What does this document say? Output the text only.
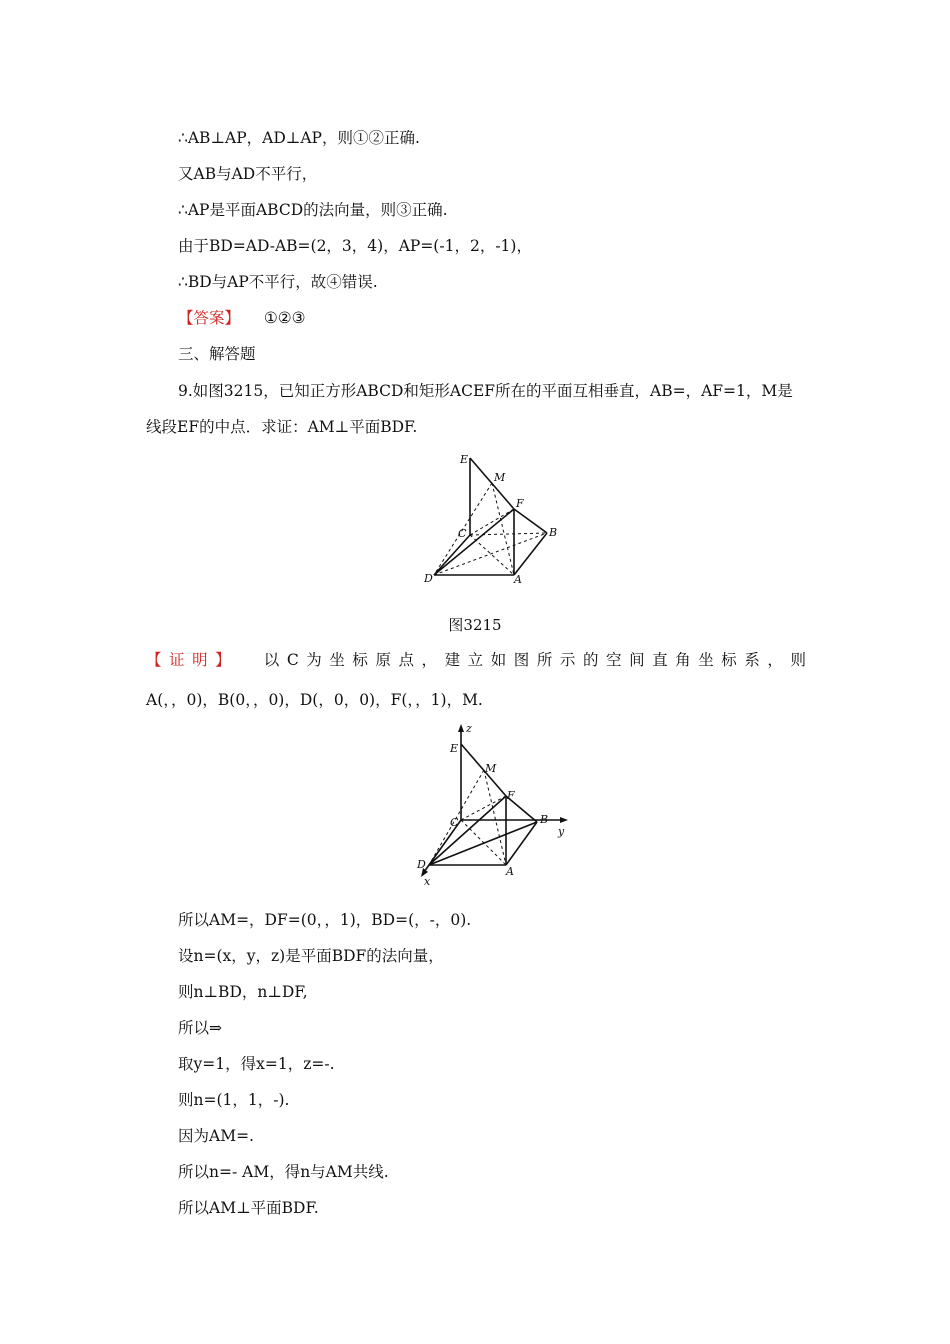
∴AB⊥AP，AD⊥AP，则①②正确.
又AB与AD不平行，
∴AP是平面ABCD的法向量，则③正确.
由于BD=AD-AB=(2，3，4)，AP=(-1，2，-1)，
∴BD与AP不平行，故④错误.
【答案】 ①②③
三、解答题
9.如图3215，已知正方形ABCD和矩形ACEF所在的平面互相垂直，AB=，AF=1，M是
线段EF的中点．求证：AM⊥平面BDF.
E
M
F
C	B
D	A
图3215
【证明】 以C为坐标原点，建立如图所示的空间直角坐标系，则
A(，，0)，B(0，，0)，D(，0，0)，F(，，1)，M.
z
E
M
F
C	B
y
D
A
x
所以AM=，DF=(0，，1)，BD=(，-，0).
设n=(x，y，z)是平面BDF的法向量，
则n⊥BD，n⊥DF,
所以⇒
取y=1，得x=1，z=-.
则n=(1，1，-).
因为AM=.
所以n=- AM，得n与AM共线.
所以AM⊥平面BDF.
